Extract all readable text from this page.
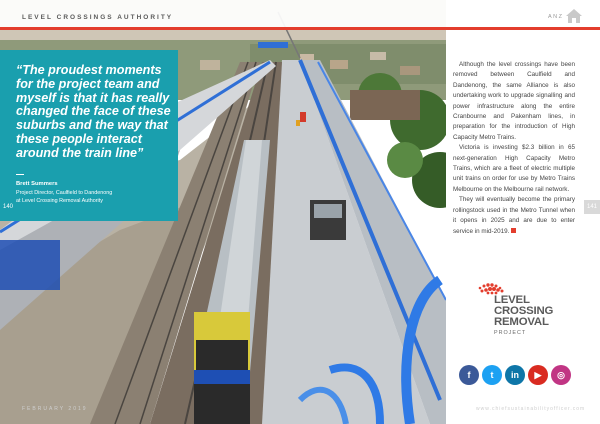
LEVEL CROSSINGS AUTHORITY
“The proudest moments for the project team and myself is that it has really changed the face of these suburbs and the way that these people interact around the train line”
Brett Summers
Project Director, Caulfield to Dandenong
at Level Crossing Removal Authority
140
FEBRUARY 2019
ANZ

Although the level crossings have been removed between Caulfield and Dandenong, the same Alliance is also undertaking work to upgrade signalling and power infrastructure along the entire Cranbourne and Pakenham lines, in preparation for the introduction of High Capacity Metro Trains.

Victoria is investing $2.3 billion in 65 next-generation High Capacity Metro Trains, which are a fleet of electric multiple unit trains on order for use by Metro Trains Melbourne on the Melbourne rail network.

They will eventually become the primary rollingstock used in the Metro Tunnel when it opens in 2025 and are due to enter service in mid-2019.

141
LEVEL
CROSSING
REMOVAL
PROJECT
f	t	in	▶	◎
www.chiefsustainabilityofficer.com
